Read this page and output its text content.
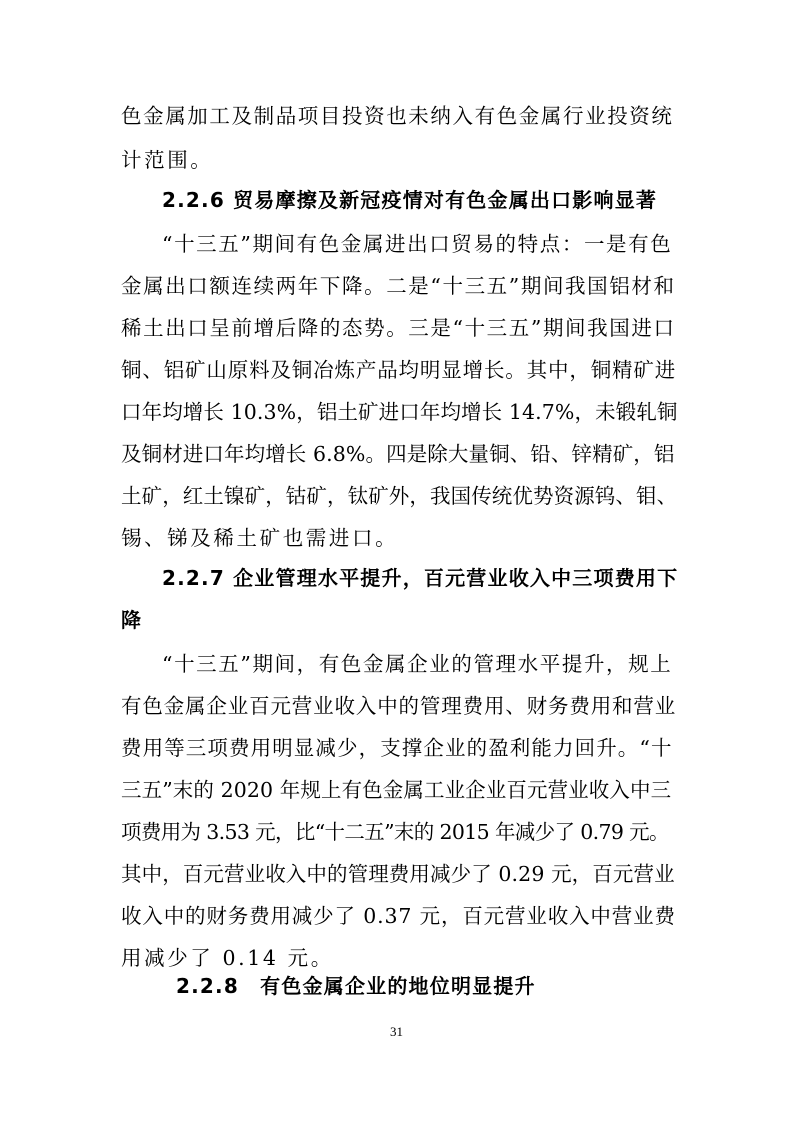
色金属加工及制品项目投资也未纳入有色金属行业投资统
计范围。
2.2.6 贸易摩擦及新冠疫情对有色金属出口影响显著
“十三五”期间有色金属进出口贸易的特点：一是有色
金属出口额连续两年下降。二是“十三五”期间我国铝材和
稀土出口呈前增后降的态势。三是“十三五”期间我国进口
铜、铝矿山原料及铜冶炼产品均明显增长。其中，铜精矿进
口年均增长 10.3%，铝土矿进口年均增长 14.7%，未锻轧铜
及铜材进口年均增长 6.8%。四是除大量铜、铅、锌精矿，铝
土矿，红土镍矿，钴矿，钛矿外，我国传统优势资源钨、钼、
锡、锑及稀土矿也需进口。
2.2.7 企业管理水平提升，百元营业收入中三项费用下
降
“十三五”期间，有色金属企业的管理水平提升，规上
有色金属企业百元营业收入中的管理费用、财务费用和营业
费用等三项费用明显减少，支撑企业的盈利能力回升。“十
三五”末的 2020 年规上有色金属工业企业百元营业收入中三
项费用为 3.53 元，比“十二五”末的 2015 年减少了 0.79 元。
其中，百元营业收入中的管理费用减少了 0.29 元，百元营业
收入中的财务费用减少了 0.37 元，百元营业收入中营业费
用减少了 0.14 元。
2.2.8　有色金属企业的地位明显提升
31
